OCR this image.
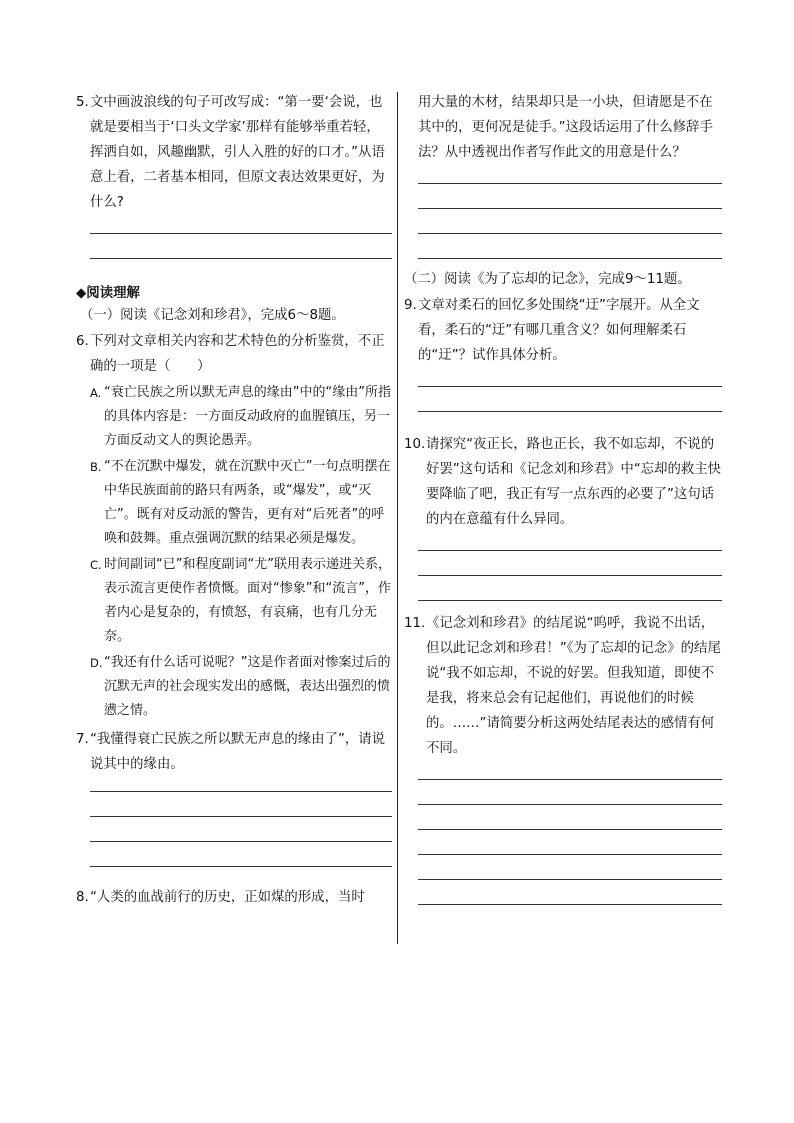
5. 文中画波浪线的句子可改写成：“第一要‘会说，也就是要相当于‘口头文学家’那样有能够举重若轻，挥洒自如，风趣幽默，引人入胜的好的口才。”从语意上看，二者基本相同，但原文表达效果更好，为什么?
◆阅读理解
（一）阅读《记念刘和珍君》，完成6～8题。
6. 下列对文章相关内容和艺术特色的分析鉴赏，不正确的一项是（　　）
A. “衰亡民族之所以默无声息的缘由”中的“缘由”所指的具体内容是：一方面反动政府的血腥镇压，另一方面反动文人的舆论愚弄。
B. “不在沉默中爆发，就在沉默中灭亡”一句点明摆在中华民族面前的路只有两条，或“爆发”，或“灭亡”。既有对反动派的警告，更有对“后死者”的呼唤和鼓舞。重点强调沉默的结果必须是爆发。
C. 时间副词“已”和程度副词“尤”联用表示递进关系，表示流言更使作者愤慨。面对“惨象”和“流言”，作者内心是复杂的，有愤怒，有哀痛，也有几分无奈。
D. “我还有什么话可说呢？”这是作者面对惨案过后的沉默无声的社会现实发出的感慨，表达出强烈的愤懑之情。
7. “我懂得衰亡民族之所以默无声息的缘由了”，请说说其中的缘由。
8. “人类的血战前行的历史，正如煤的形成，当时
用大量的木材，结果却只是一小块，但请愿是不在其中的，更何况是徒手。”这段话运用了什么修辞手法？从中透视出作者写作此文的用意是什么？
（二）阅读《为了忘却的记念》，完成9～11题。
9. 文章对柔石的回忆多处围绕“迂”字展开。从全文看，柔石的“迂”有哪几重含义？如何理解柔石的“迂”？试作具体分析。
10. 请探究“夜正长，路也正长，我不如忘却，不说的好罢”这句话和《记念刘和珍君》中“忘却的救主快要降临了吧，我正有写一点东西的必要了”这句话的内在意蕴有什么异同。
11. 《记念刘和珍君》的结尾说“呜呼，我说不出话，但以此记念刘和珍君！”《为了忘却的记念》的结尾说“我不如忘却，不说的好罢。但我知道，即使不是我，将来总会有记起他们，再说他们的时候的。……”请简要分析这两处结尾表达的感情有何不同。
